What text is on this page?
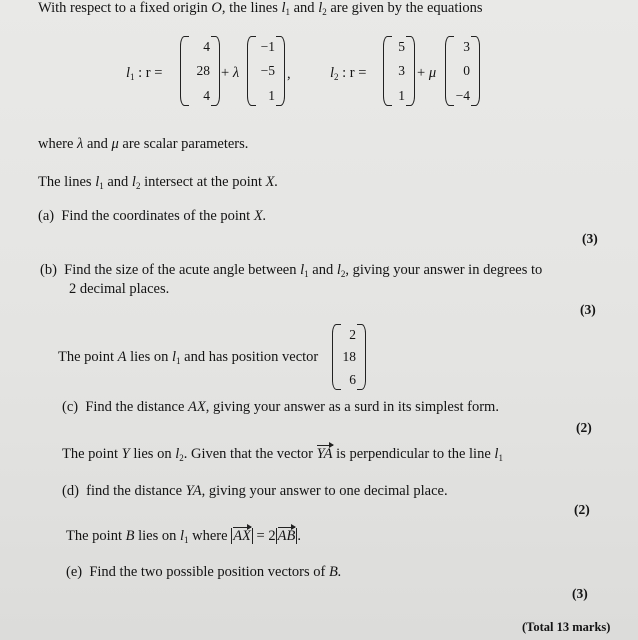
With respect to a fixed origin O, the lines $l_1$ and $l_2$ are given by the equations
$l_1$ : r =
4
28
4
+ λ
−1
−5
1
,	$l_2$ : r =
5
3
1
+ μ
3
0
−4
where λ and μ are scalar parameters.
The lines $l_1$ and $l_2$ intersect at the point X.
(a) Find the coordinates of the point X.
(3)
(b) Find the size of the acute angle between $l_1$ and $l_2$, giving your answer in degrees to
2 decimal places.
(3)
The point A lies on $l_1$ and has position vector
2
18
6
(c) Find the distance AX, giving your answer as a surd in its simplest form.
(2)
The point Y lies on $l_2$. Given that the vector YA is perpendicular to the line $l_1$
(d) find the distance YA, giving your answer to one decimal place.
(2)
The point B lies on $l_1$ where AX = 2 AB .
(e) Find the two possible position vectors of B.
(3)
(Total 13 marks)
